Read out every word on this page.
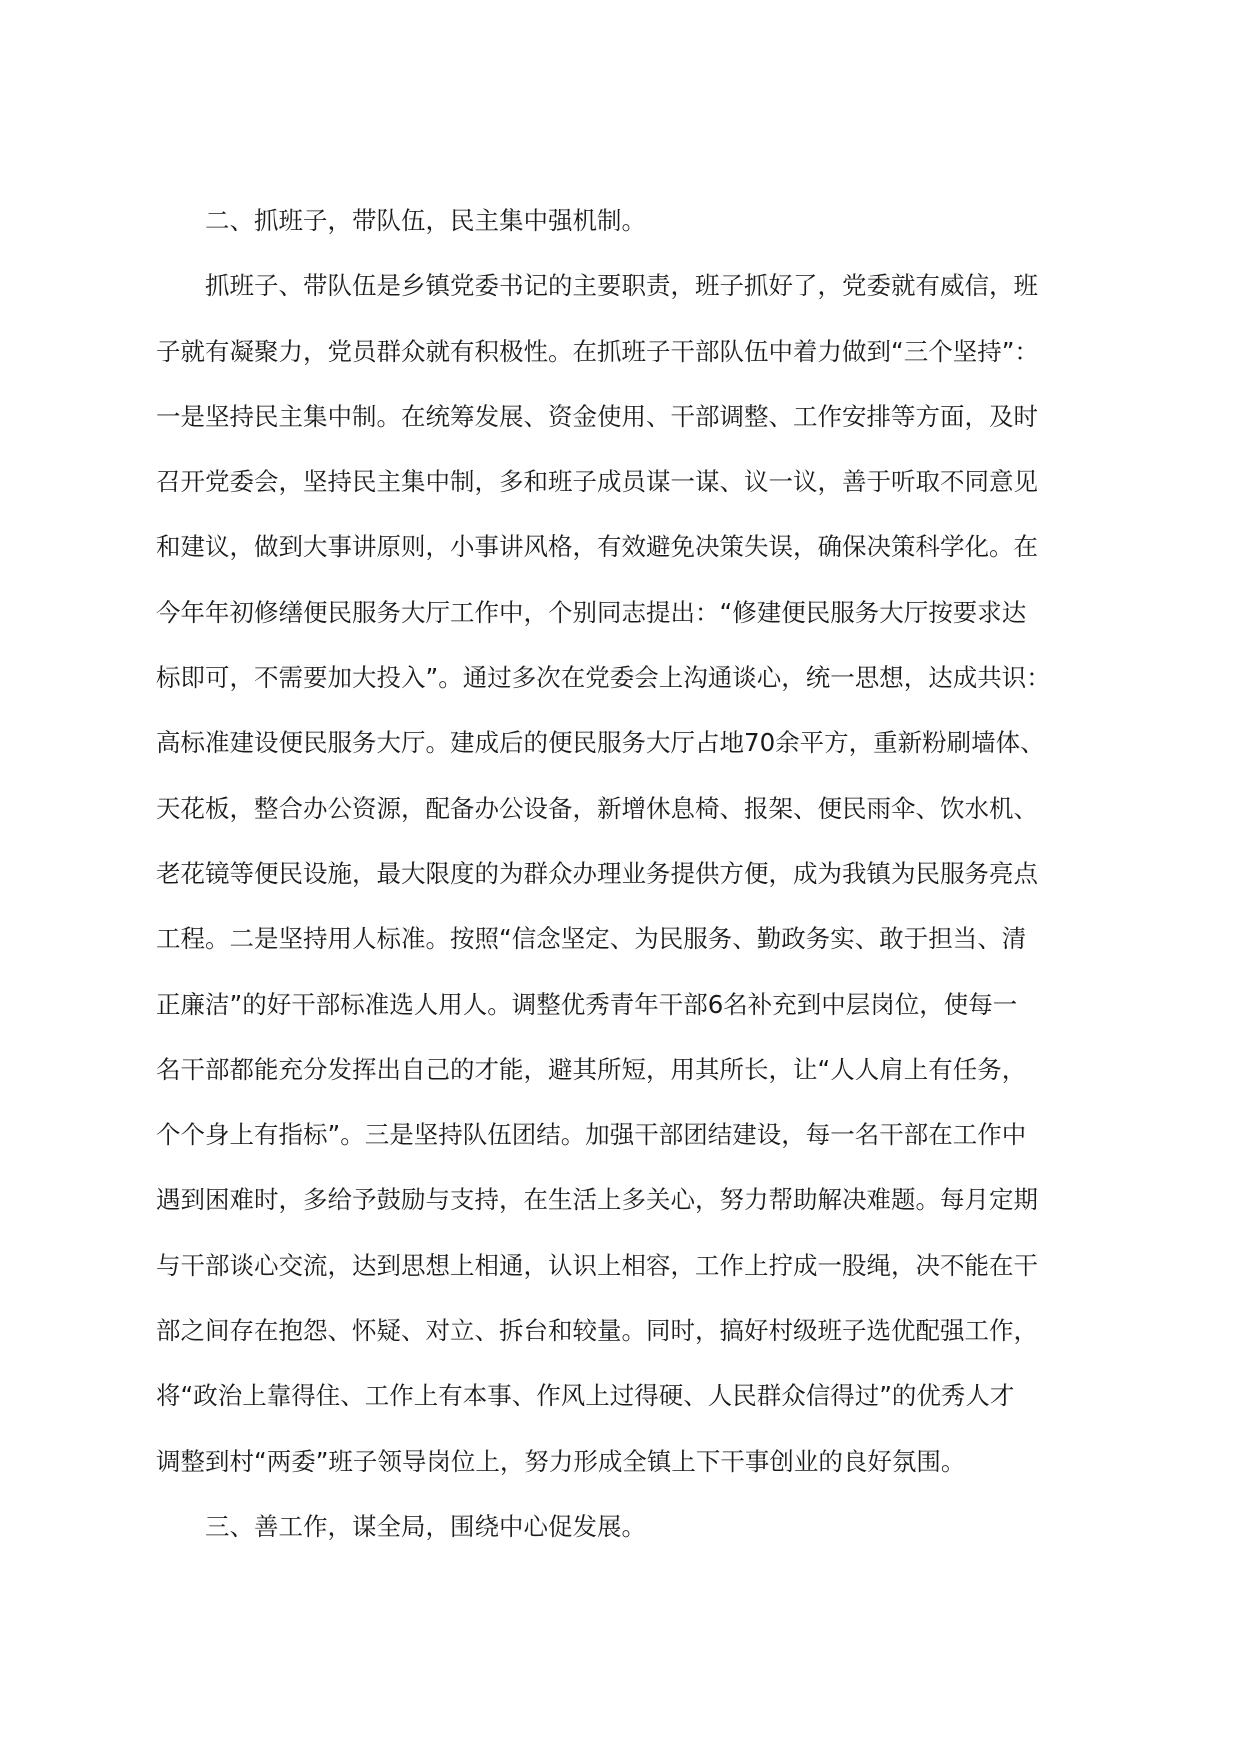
二、抓班子，带队伍，民主集中强机制。
抓班子、带队伍是乡镇党委书记的主要职责，班子抓好了，党委就有威信，班
子就有凝聚力，党员群众就有积极性。在抓班子干部队伍中着力做到“三个坚持”：
一是坚持民主集中制。在统筹发展、资金使用、干部调整、工作安排等方面，及时
召开党委会，坚持民主集中制，多和班子成员谋一谋、议一议，善于听取不同意见
和建议，做到大事讲原则，小事讲风格，有效避免决策失误，确保决策科学化。在
今年年初修缮便民服务大厅工作中，个别同志提出：“修建便民服务大厅按要求达
标即可，不需要加大投入”。通过多次在党委会上沟通谈心，统一思想，达成共识：
高标准建设便民服务大厅。建成后的便民服务大厅占地70余平方，重新粉刷墙体、
天花板，整合办公资源，配备办公设备，新增休息椅、报架、便民雨伞、饮水机、
老花镜等便民设施，最大限度的为群众办理业务提供方便，成为我镇为民服务亮点
工程。二是坚持用人标准。按照“信念坚定、为民服务、勤政务实、敢于担当、清
正廉洁”的好干部标准选人用人。调整优秀青年干部6名补充到中层岗位，使每一
名干部都能充分发挥出自己的才能，避其所短，用其所长，让“人人肩上有任务，
个个身上有指标”。三是坚持队伍团结。加强干部团结建设，每一名干部在工作中
遇到困难时，多给予鼓励与支持，在生活上多关心，努力帮助解决难题。每月定期
与干部谈心交流，达到思想上相通，认识上相容，工作上拧成一股绳，决不能在干
部之间存在抱怨、怀疑、对立、拆台和较量。同时，搞好村级班子选优配强工作，
将“政治上靠得住、工作上有本事、作风上过得硬、人民群众信得过”的优秀人才
调整到村“两委”班子领导岗位上，努力形成全镇上下干事创业的良好氛围。
三、善工作，谋全局，围绕中心促发展。
